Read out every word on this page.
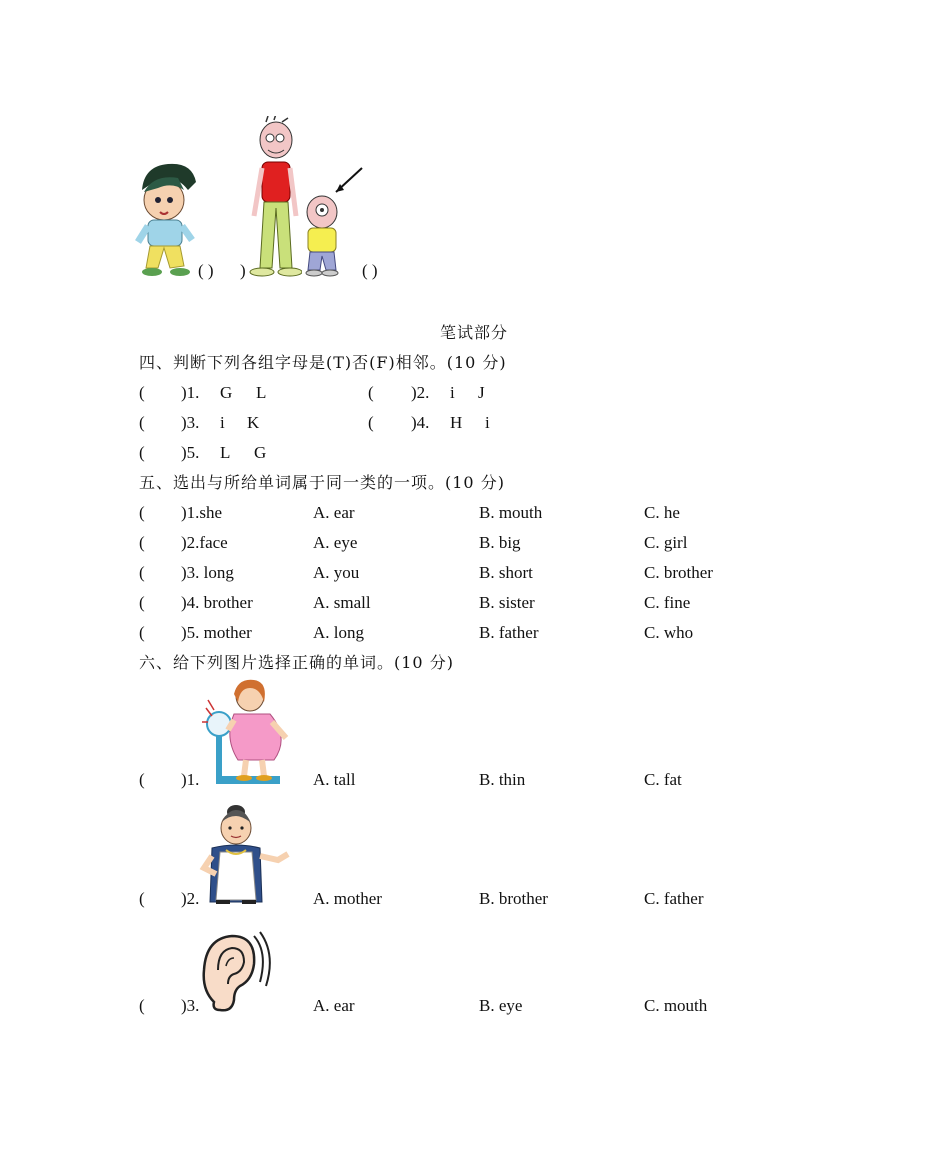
( ) )	( )
笔试部分
四、判断下列各组字母是(T)否(F)相邻。(10 分)
( )1. G L	( )2. i J
( )3. i K	( )4. H i
( )5. L G
五、选出与所给单词属于同一类的一项。(10 分)
( )1.she	A. ear	B. mouth	C. he
( )2.face	A. eye	B. big	C. girl
( )3. long	A. you	B. short	C. brother
( )4. brother	A. small	B. sister	C. fine
( )5. mother	A. long	B. father	C. who
六、给下列图片选择正确的单词。(10 分)
( )1.	A. tall	B. thin	C. fat
( )2.	A. mother	B. brother	C. father
( )3.	A. ear	B. eye	C. mouth
